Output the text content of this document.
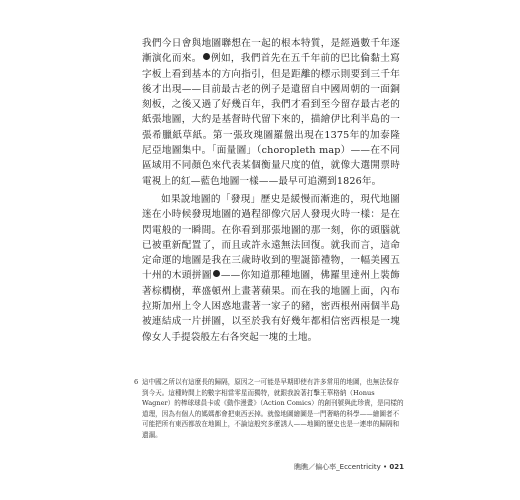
我們今日會與地圖聯想在一起的根本特質，是經過數千年逐漸演化而來。 例如，我們首先在五千年前的巴比倫黏土寫字板上看到基本的方向指引，但是距離的標示則要到三千年後才出現——目前最古老的例子是遺留自中國周朝的一面銅刻板，之後又過了好幾百年，我們才看到至今留存最古老的紙張地圖，大約是基督時代留下來的，描繪伊比利半島的一張希臘紙草紙。第一張玫瑰圖羅盤出現在1375年的加泰隆尼亞地圖集中。「面量圖」（choropleth map）——在不同區域用不同顏色來代表某個衡量尺度的值，就像大選開票時電視上的紅—藍色地圖一樣——最早可追溯到1826年。

如果說地圖的「發現」歷史是緩慢而漸進的，現代地圖迷在小時候發現地圖的過程卻像穴居人發現火時一樣：是在閃電般的一瞬間。在你看到那張地圖的那一刻，你的頭腦就已被重新配置了，而且或許永遠無法回復。就我而言，這命定命運的地圖是我在三歲時收到的聖誕節禮物，一幅美國五十州的木頭拼圖 ——你知道那種地圖，佛羅里達州上裝飾著棕櫚樹，華盛頓州上畫著蘋果。而在我的地圖上面，內布拉斯加州上令人困惑地畫著一家子的豬，密西根州兩個半島被連結成一片拼圖，以至於我有好幾年都相信密西根是一塊像女人手提袋般左右各突起一塊的土地。

6 這中國之所以有這麼長的歸隔，原因之一可能是早期即使有許多常用的地圖，也無法保存到今天。這種時間上的數字相當零星而獨特，就跟我說著打擊王華格納（Honus Wagner）的棒球球員卡或《動作漫畫》（Action Comics）的創刊號與此珍貴，是同樣的道理，因為有個人的媽媽都會把東西丟掉。就像地圖繪圖是一門奢略的科學——繪圖者不可能把所有東西都放在地圖上，不論這般究多麼誘人——地圖的歷史也是一連串的歸隔和遺漏。
瞧瞧／偏心率_Eccentricity • 021
